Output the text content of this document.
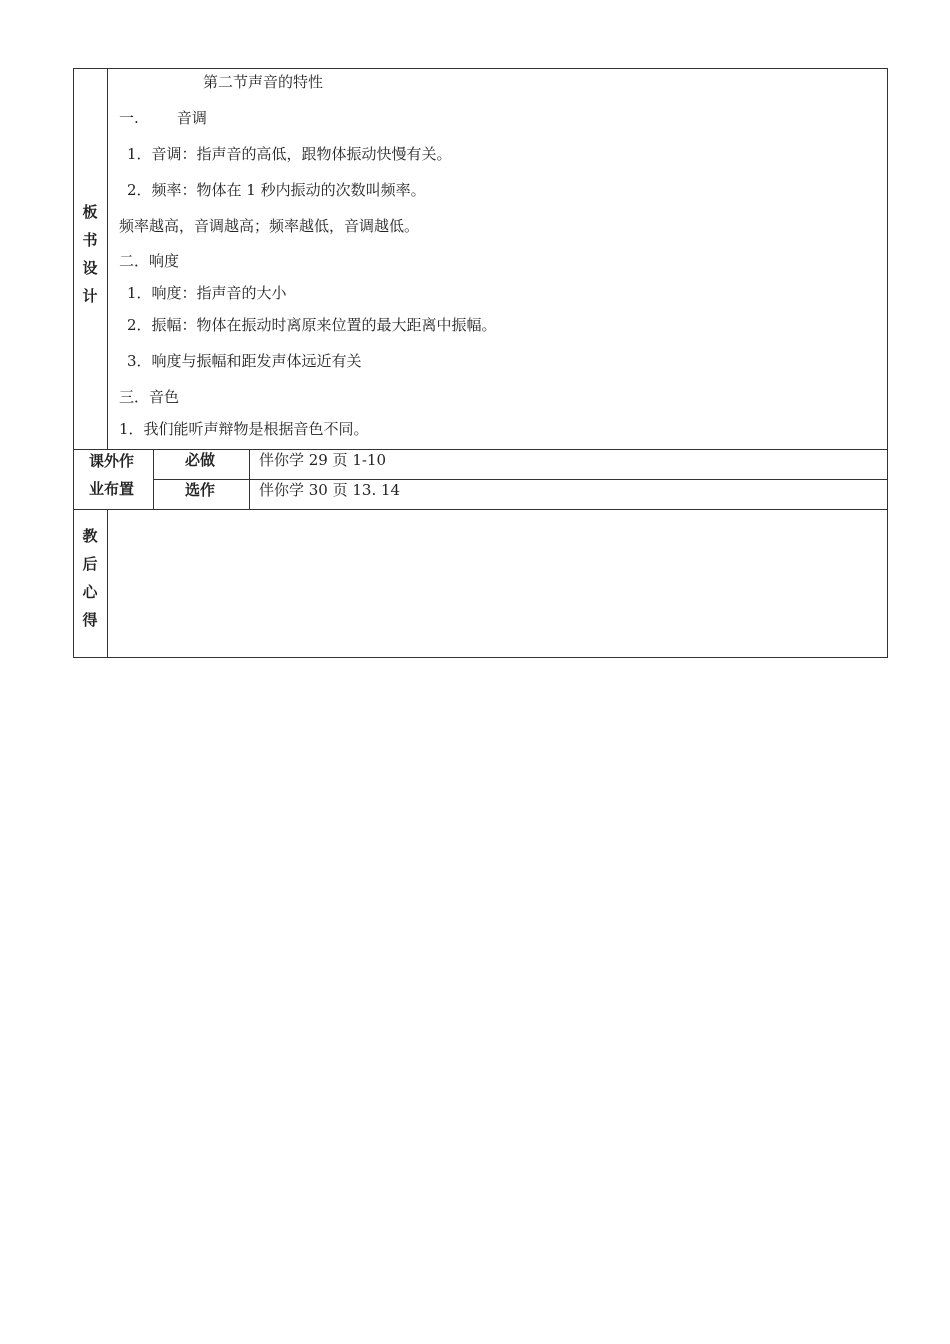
板
书
设
计
第二节声音的特性
一.        音调
1．音调：指声音的高低，跟物体振动快慢有关。
2．频率：物体在 1 秒内振动的次数叫频率。
频率越高，音调越高；频率越低，音调越低。
二．响度
1．响度：指声音的大小
2．振幅：物体在振动时离原来位置的最大距离中振幅。
3．响度与振幅和距发声体远近有关
三．音色
1．我们能听声辩物是根据音色不同。
课外作
业布置
必做	伴你学 29 页 1-10
选作	伴你学 30 页 13. 14
教
后
心
得
